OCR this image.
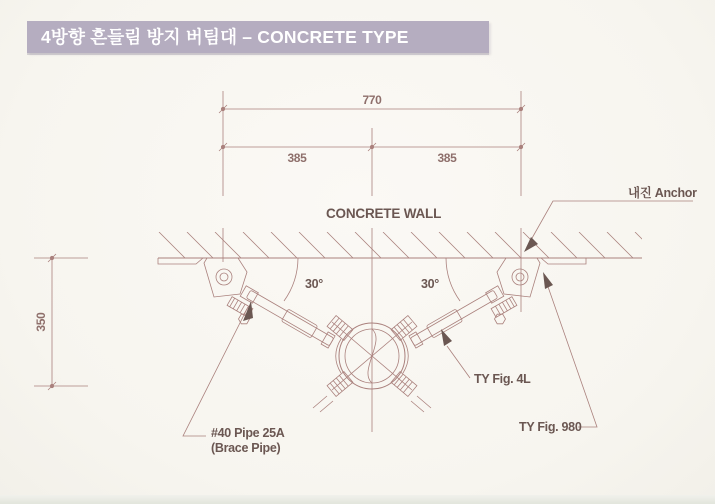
4방향 흔들림 방지 버팀대 – CONCRETE TYPE
770
385	385
350
CONCRETE WALL
30°	30°
내진 Anchor
TY Fig. 4L
#40 Pipe 25A
(Brace Pipe)
TY Fig. 980
